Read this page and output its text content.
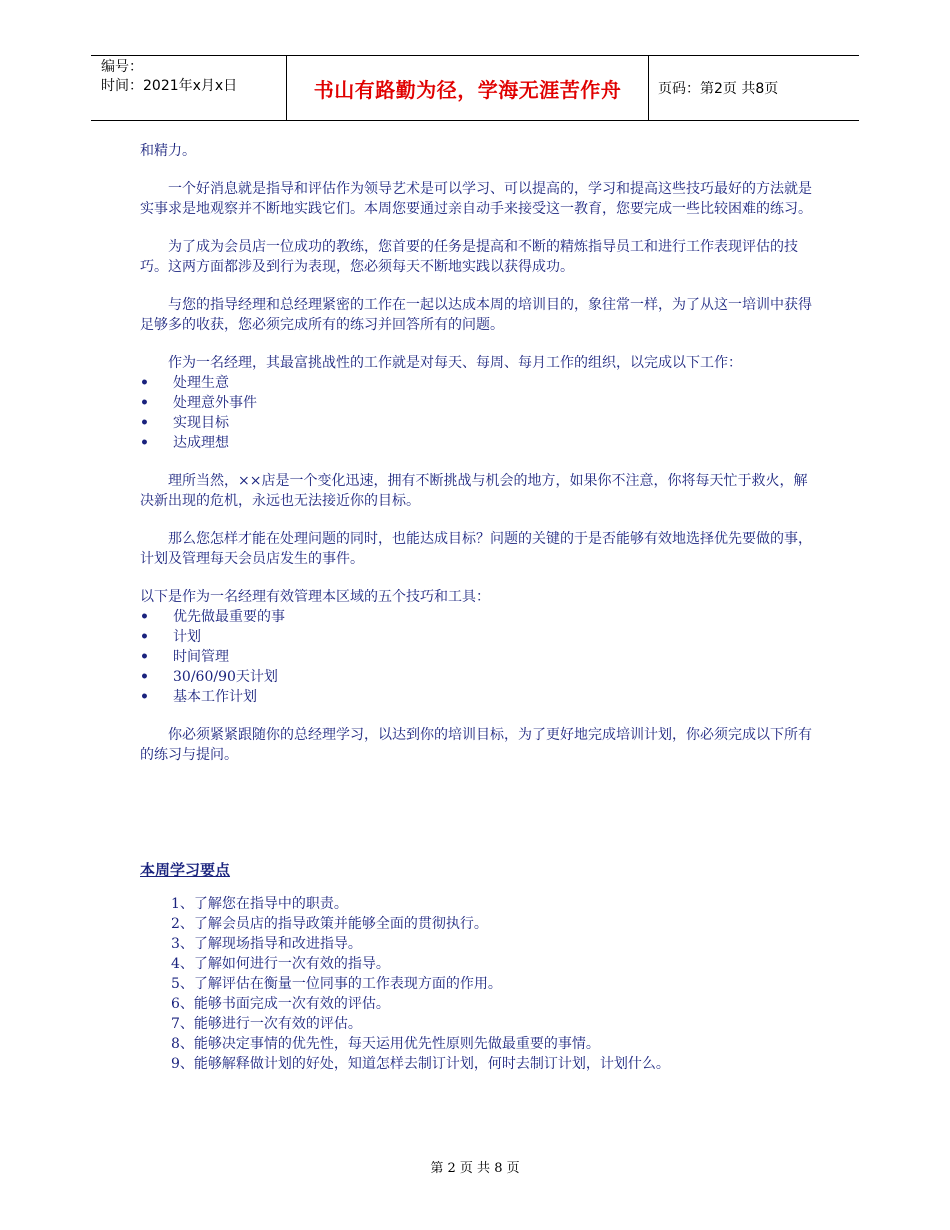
编号：
时间：2021年x月x日	书山有路勤为径，学海无涯苦作舟	页码：第2页 共8页

和精力。

一个好消息就是指导和评估作为领导艺术是可以学习、可以提高的，学习和提高这些技巧最好的方法就是实事求是地观察并不断地实践它们。本周您要通过亲自动手来接受这一教育，您要完成一些比较困难的练习。

为了成为会员店一位成功的教练，您首要的任务是提高和不断的精炼指导员工和进行工作表现评估的技巧。这两方面都涉及到行为表现，您必须每天不断地实践以获得成功。

与您的指导经理和总经理紧密的工作在一起以达成本周的培训目的，象往常一样，为了从这一培训中获得足够多的收获，您必须完成所有的练习并回答所有的问题。

作为一名经理，其最富挑战性的工作就是对每天、每周、每月工作的组织，以完成以下工作：

• 处理生意
• 处理意外事件
• 实现目标
• 达成理想

理所当然，××店是一个变化迅速，拥有不断挑战与机会的地方，如果你不注意，你将每天忙于救火，解决新出现的危机，永远也无法接近你的目标。

那么您怎样才能在处理问题的同时，也能达成目标？问题的关键的于是否能够有效地选择优先要做的事，计划及管理每天会员店发生的事件。

以下是作为一名经理有效管理本区域的五个技巧和工具：

• 优先做最重要的事
• 计划
• 时间管理
• 30/60/90天计划
• 基本工作计划

你必须紧紧跟随你的总经理学习，以达到你的培训目标，为了更好地完成培训计划，你必须完成以下所有的练习与提问。

本周学习要点

1、了解您在指导中的职责。
2、了解会员店的指导政策并能够全面的贯彻执行。
3、了解现场指导和改进指导。
4、了解如何进行一次有效的指导。
5、了解评估在衡量一位同事的工作表现方面的作用。
6、能够书面完成一次有效的评估。
7、能够进行一次有效的评估。
8、能够决定事情的优先性，每天运用优先性原则先做最重要的事情。
9、能够解释做计划的好处，知道怎样去制订计划，何时去制订计划，计划什么。
第 2 页 共 8 页
